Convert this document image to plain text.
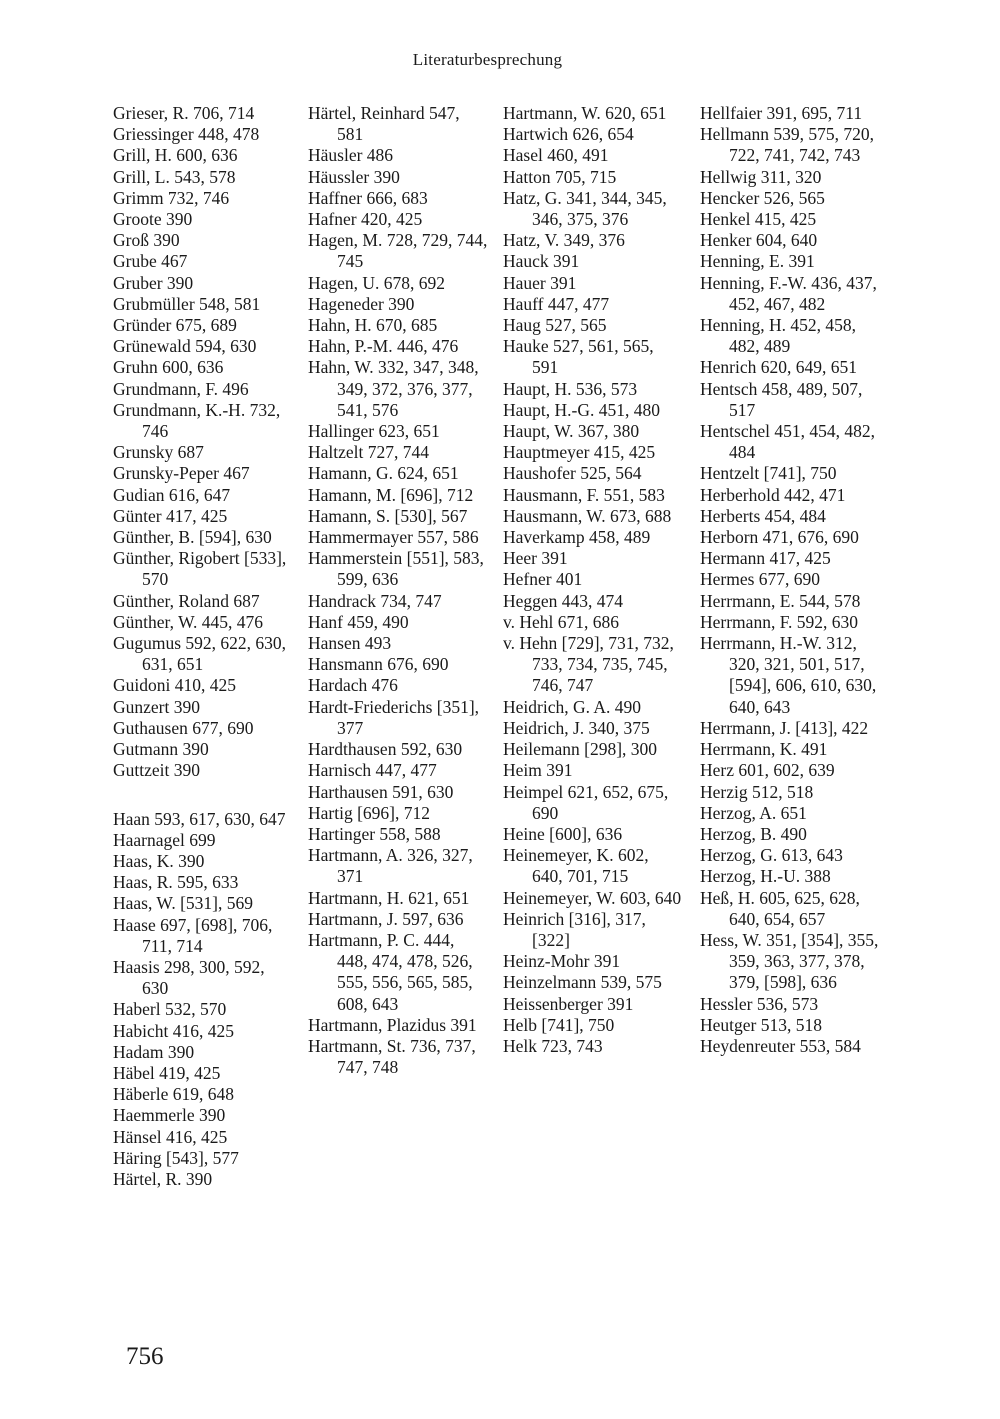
Literaturbesprechung
Grieser, R. 706, 714
Griessinger 448, 478
Grill, H. 600, 636
Grill, L. 543, 578
Grimm 732, 746
Groote 390
Groß 390
Grube 467
Gruber 390
Grubmüller 548, 581
Gründer 675, 689
Grünewald 594, 630
Gruhn 600, 636
Grundmann, F. 496
Grundmann, K.-H. 732, 746
Grunsky 687
Grunsky-Peper 467
Gudian 616, 647
Günter 417, 425
Günther, B. [594], 630
Günther, Rigobert [533], 570
Günther, Roland 687
Günther, W. 445, 476
Gugumus 592, 622, 630, 631, 651
Guidoni 410, 425
Gunzert 390
Guthausen 677, 690
Gutmann 390
Guttzeit 390
Haan 593, 617, 630, 647
Haarnagel 699
Haas, K. 390
Haas, R. 595, 633
Haas, W. [531], 569
Haase 697, [698], 706, 711, 714
Haasis 298, 300, 592, 630
Haberl 532, 570
Habicht 416, 425
Hadam 390
Häbel 419, 425
Häberle 619, 648
Haemmerle 390
Hänsel 416, 425
Häring [543], 577
Härtel, R. 390
Härtel, Reinhard 547, 581
Häusler 486
Häussler 390
Haffner 666, 683
Hafner 420, 425
Hagen, M. 728, 729, 744, 745
Hagen, U. 678, 692
Hageneder 390
Hahn, H. 670, 685
Hahn, P.-M. 446, 476
Hahn, W. 332, 347, 348, 349, 372, 376, 377, 541, 576
Hallinger 623, 651
Haltzelt 727, 744
Hamann, G. 624, 651
Hamann, M. [696], 712
Hamann, S. [530], 567
Hammermayer 557, 586
Hammerstein [551], 583, 599, 636
Handrack 734, 747
Hanf 459, 490
Hansen 493
Hansmann 676, 690
Hardach 476
Hardt-Friederichs [351], 377
Hardthausen 592, 630
Harnisch 447, 477
Harthausen 591, 630
Hartig [696], 712
Hartinger 558, 588
Hartmann, A. 326, 327, 371
Hartmann, H. 621, 651
Hartmann, J. 597, 636
Hartmann, P. C. 444, 448, 474, 478, 526, 555, 556, 565, 585, 608, 643
Hartmann, Plazidus 391
Hartmann, St. 736, 737, 747, 748
Hartmann, W. 620, 651
Hartwich 626, 654
Hasel 460, 491
Hatton 705, 715
Hatz, G. 341, 344, 345, 346, 375, 376
Hatz, V. 349, 376
Hauck 391
Hauer 391
Hauff 447, 477
Haug 527, 565
Hauke 527, 561, 565, 591
Haupt, H. 536, 573
Haupt, H.-G. 451, 480
Haupt, W. 367, 380
Hauptmeyer 415, 425
Haushofer 525, 564
Hausmann, F. 551, 583
Hausmann, W. 673, 688
Haverkamp 458, 489
Heer 391
Hefner 401
Heggen 443, 474
v. Hehl 671, 686
v. Hehn [729], 731, 732, 733, 734, 735, 745, 746, 747
Heidrich, G. A. 490
Heidrich, J. 340, 375
Heilemann [298], 300
Heim 391
Heimpel 621, 652, 675, 690
Heine [600], 636
Heinemeyer, K. 602, 640, 701, 715
Heinemeyer, W. 603, 640
Heinrich [316], 317, [322]
Heinz-Mohr 391
Heinzelmann 539, 575
Heissenberger 391
Helb [741], 750
Helk 723, 743
Hellfaier 391, 695, 711
Hellmann 539, 575, 720, 722, 741, 742, 743
Hellwig 311, 320
Hencker 526, 565
Henkel 415, 425
Henker 604, 640
Henning, E. 391
Henning, F.-W. 436, 437, 452, 467, 482
Henning, H. 452, 458, 482, 489
Henrich 620, 649, 651
Hentsch 458, 489, 507, 517
Hentschel 451, 454, 482, 484
Hentzelt [741], 750
Herberhold 442, 471
Herberts 454, 484
Herborn 471, 676, 690
Hermann 417, 425
Hermes 677, 690
Herrmann, E. 544, 578
Herrmann, F. 592, 630
Herrmann, H.-W. 312, 320, 321, 501, 517, [594], 606, 610, 630, 640, 643
Herrmann, J. [413], 422
Herrmann, K. 491
Herz 601, 602, 639
Herzig 512, 518
Herzog, A. 651
Herzog, B. 490
Herzog, G. 613, 643
Herzog, H.-U. 388
Heß, H. 605, 625, 628, 640, 654, 657
Hess, W. 351, [354], 355, 359, 363, 377, 378, 379, [598], 636
Hessler 536, 573
Heutger 513, 518
Heydenreuter 553, 584
756
